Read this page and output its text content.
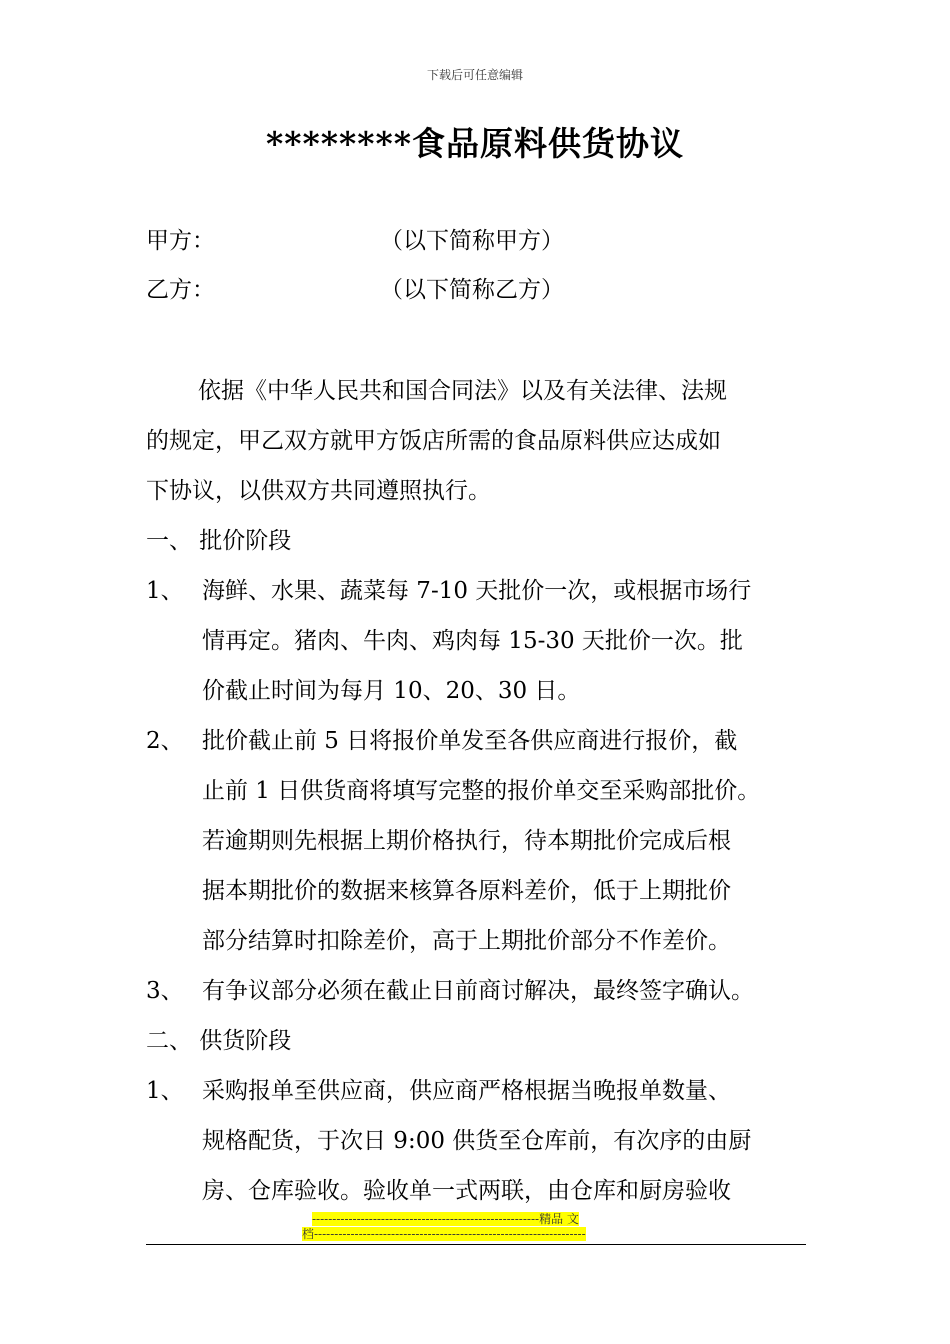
下载后可任意编辑
********食品原料供货协议
甲方：	（以下简称甲方）
乙方：	（以下简称乙方）
依据《中华人民共和国合同法》以及有关法律、法规
的规定，甲乙双方就甲方饭店所需的食品原料供应达成如
下协议，以供双方共同遵照执行。
一、 批价阶段
1、 海鲜、水果、蔬菜每 7-10 天批价一次，或根据市场行
情再定。猪肉、牛肉、鸡肉每 15-30 天批价一次。批
价截止时间为每月 10、20、30 日。
2、 批价截止前 5 日将报价单发至各供应商进行报价，截
止前 1 日供货商将填写完整的报价单交至采购部批价。
若逾期则先根据上期价格执行，待本期批价完成后根
据本期批价的数据来核算各原料差价，低于上期批价
部分结算时扣除差价，高于上期批价部分不作差价。
3、 有争议部分必须在截止日前商讨解决，最终签字确认。
二、 供货阶段
1、 采购报单至供应商，供应商严格根据当晚报单数量、
规格配货，于次日 9:00 供货至仓库前，有次序的由厨
房、仓库验收。验收单一式两联，由仓库和厨房验收
--------------------------------------------------------精品 文
档-------------------------------------------------------------------
